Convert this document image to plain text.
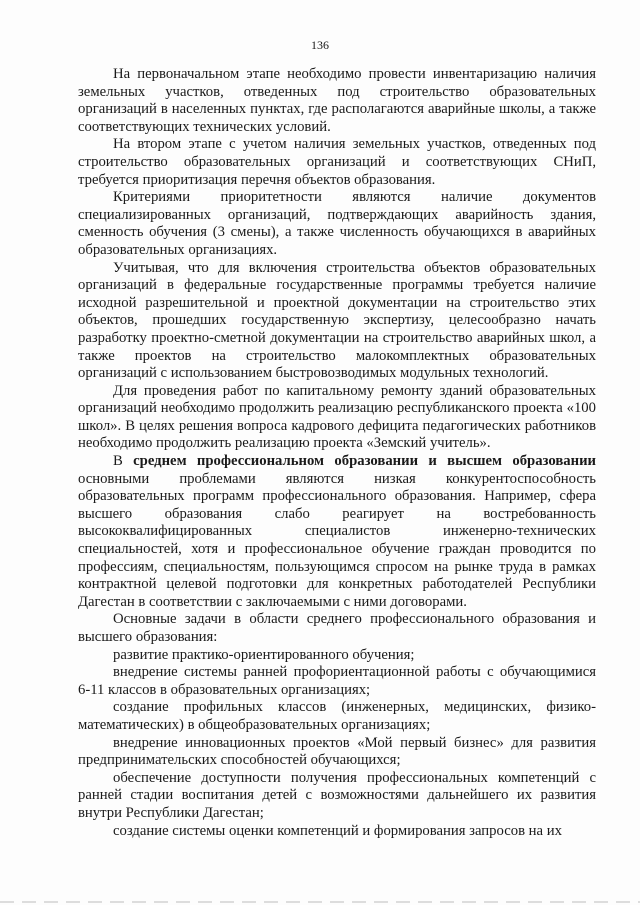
136

На первоначальном этапе необходимо провести инвентаризацию наличия земельных участков, отведенных под строительство образовательных организаций в населенных пунктах, где располагаются аварийные школы, а также соответствующих технических условий.

На втором этапе с учетом наличия земельных участков, отведенных под строительство образовательных организаций и соответствующих СНиП, требуется приоритизация перечня объектов образования.

Критериями приоритетности являются наличие документов специализированных организаций, подтверждающих аварийность здания, сменность обучения (3 смены), а также численность обучающихся в аварийных образовательных организациях.

Учитывая, что для включения строительства объектов образовательных организаций в федеральные государственные программы требуется наличие исходной разрешительной и проектной документации на строительство этих объектов, прошедших государственную экспертизу, целесообразно начать разработку проектно-сметной документации на строительство аварийных школ, а также проектов на строительство малокомплектных образовательных организаций с использованием быстровозводимых модульных технологий.

Для проведения работ по капитальному ремонту зданий образовательных организаций необходимо продолжить реализацию республиканского проекта «100 школ». В целях решения вопроса кадрового дефицита педагогических работников необходимо продолжить реализацию проекта «Земский учитель».

В среднем профессиональном образовании и высшем образовании основными проблемами являются низкая конкурентоспособность образовательных программ профессионального образования. Например, сфера высшего образования слабо реагирует на востребованность высококвалифицированных специалистов инженерно-технических специальностей, хотя и профессиональное обучение граждан проводится по профессиям, специальностям, пользующимся спросом на рынке труда в рамках контрактной целевой подготовки для конкретных работодателей Республики Дагестан в соответствии с заключаемыми с ними договорами.

Основные задачи в области среднего профессионального образования и высшего образования:

развитие практико-ориентированного обучения;

внедрение системы ранней профориентационной работы с обучающимися 6-11 классов в образовательных организациях;

создание профильных классов (инженерных, медицинских, физико-математических) в общеобразовательных организациях;

внедрение инновационных проектов «Мой первый бизнес» для развития предпринимательских способностей обучающихся;

обеспечение доступности получения профессиональных компетенций с ранней стадии воспитания детей с возможностями дальнейшего их развития внутри Республики Дагестан;

создание системы оценки компетенций и формирования запросов на их
